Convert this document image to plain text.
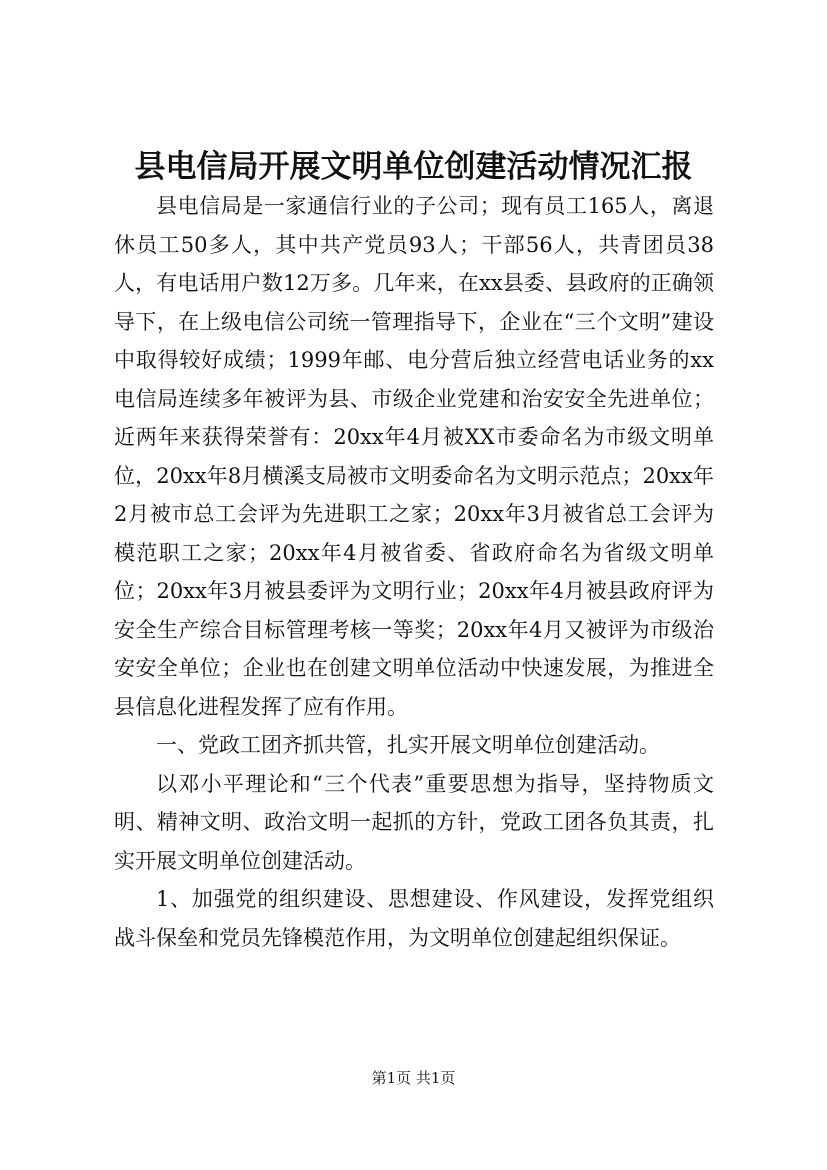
县电信局开展文明单位创建活动情况汇报

县电信局是一家通信行业的子公司；现有员工165人，离退休员工50多人，其中共产党员93人；干部56人，共青团员38人，有电话用户数12万多。几年来，在xx县委、县政府的正确领导下，在上级电信公司统一管理指导下，企业在“三个文明”建设中取得较好成绩；1999年邮、电分营后独立经营电话业务的xx电信局连续多年被评为县、市级企业党建和治安安全先进单位；近两年来获得荣誉有：20xx年4月被XX市委命名为市级文明单位，20xx年8月横溪支局被市文明委命名为文明示范点；20xx年2月被市总工会评为先进职工之家；20xx年3月被省总工会评为模范职工之家；20xx年4月被省委、省政府命名为省级文明单位；20xx年3月被县委评为文明行业；20xx年4月被县政府评为安全生产综合目标管理考核一等奖；20xx年4月又被评为市级治安安全单位；企业也在创建文明单位活动中快速发展，为推进全县信息化进程发挥了应有作用。

一、党政工团齐抓共管，扎实开展文明单位创建活动。

以邓小平理论和“三个代表”重要思想为指导，坚持物质文明、精神文明、政治文明一起抓的方针，党政工团各负其责，扎实开展文明单位创建活动。

1、加强党的组织建设、思想建设、作风建设，发挥党组织战斗保垒和党员先锋模范作用，为文明单位创建起组织保证。

第1页 共1页
